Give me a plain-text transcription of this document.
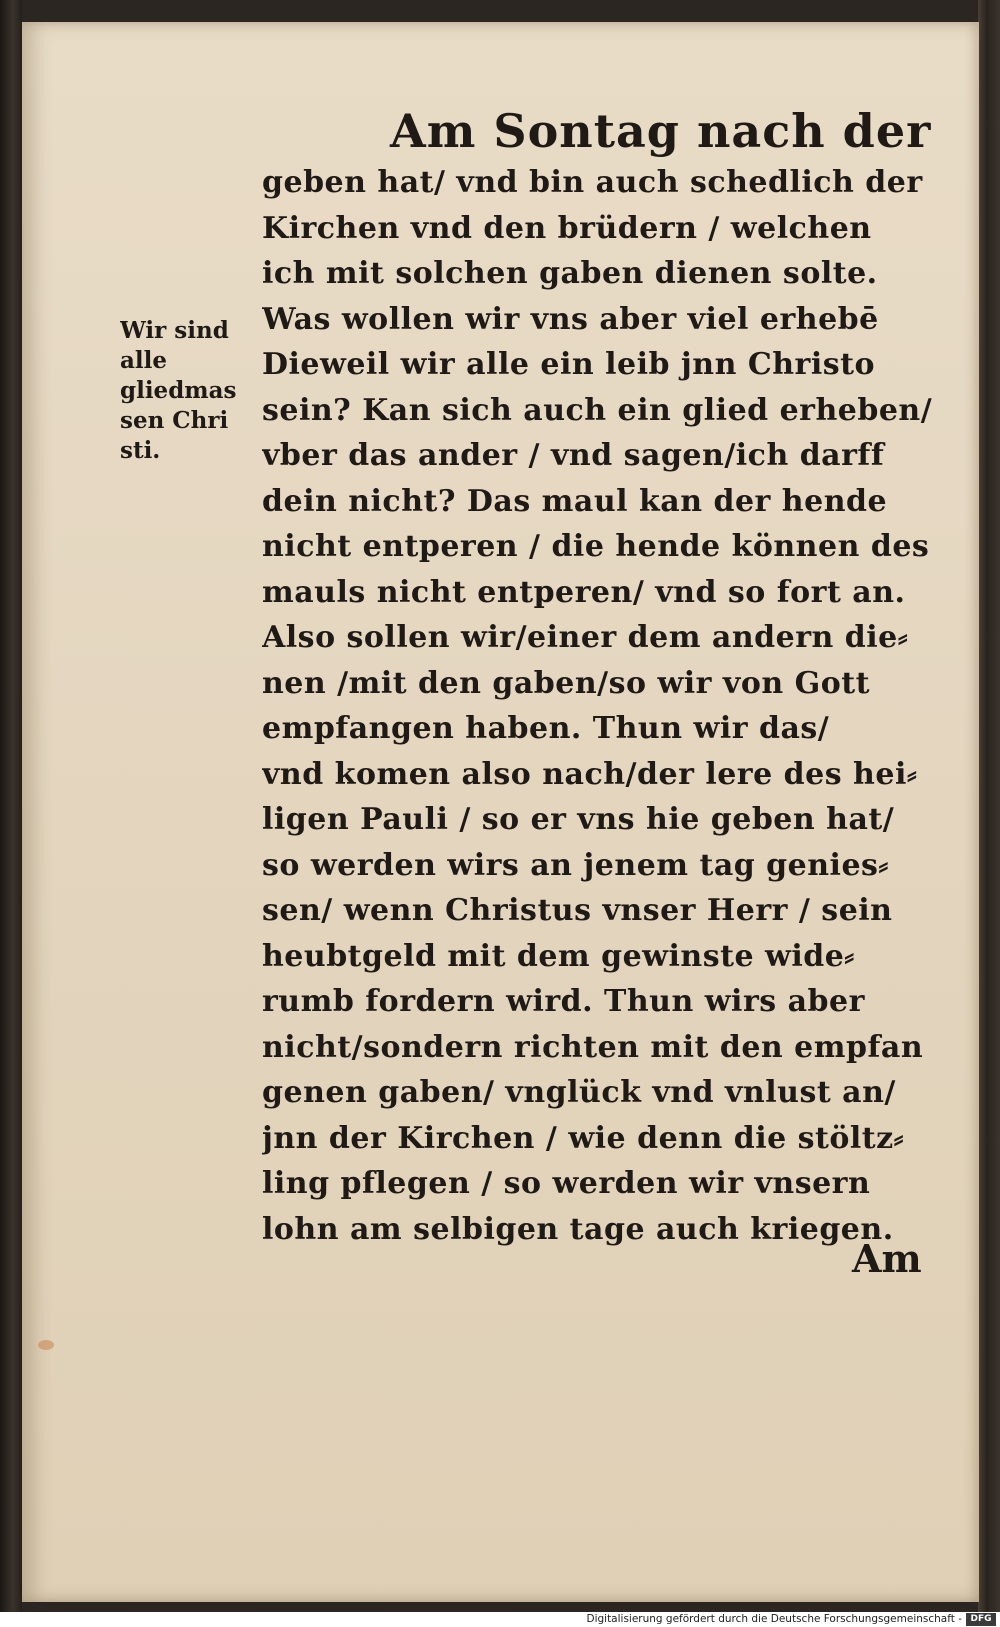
Am Sontag nach der
Wir sind
alle
gliedmas
sen Chri
sti.
geben hat/ vnd bin auch schedlich der
Kirchen vnd den brüdern / welchen
ich mit solchen gaben dienen solte.
Was wollen wir vns aber viel erhebē
Dieweil wir alle ein leib jnn Christo
sein? Kan sich auch ein glied erheben/
vber das ander / vnd sagen/ich darff
dein nicht? Das maul kan der hende
nicht entperen / die hende können des
mauls nicht entperen/ vnd so fort an.
Also sollen wir/einer dem andern die⸗
nen /mit den gaben/so wir von Gott
empfangen haben. Thun wir das/
vnd komen also nach/der lere des hei⸗
ligen Pauli / so er vns hie geben hat/
so werden wirs an jenem tag genies⸗
sen/ wenn Christus vnser Herr / sein
heubtgeld mit dem gewinste wide⸗
rumb fordern wird. Thun wirs aber
nicht/sondern richten mit den empfan
genen gaben/ vnglück vnd vnlust an/
jnn der Kirchen / wie denn die stöltz⸗
ling pflegen / so werden wir vnsern
lohn am selbigen tage auch kriegen.
Am
Digitalisierung gefördert durch die Deutsche Forschungsgemeinschaft - DFG
